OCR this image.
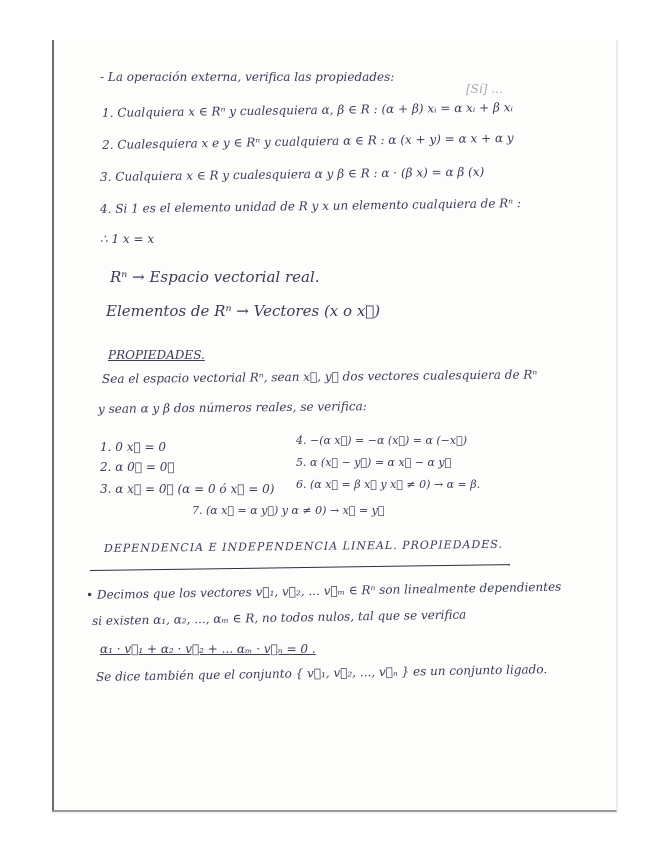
[Sí] ...
- La operación externa, verifica las propiedades:
1. Cualquiera x ∈ Rⁿ y cualesquiera α, β ∈ R : (α + β) xᵢ = α xᵢ + β xᵢ
2. Cualesquiera x e y ∈ Rⁿ y cualquiera α ∈ R : α (x + y) = α x + α y
3. Cualquiera x ∈ R y cualesquiera α y β ∈ R : α · (β x) = α β (x)
4. Si 1 es el elemento unidad de R y x un elemento cualquiera de Rⁿ :
∴ 1 x = x
Rⁿ → Espacio vectorial real.
Elementos de Rⁿ → Vectores (x o x⃗)
PROPIEDADES.
Sea el espacio vectorial Rⁿ, sean x⃗, y⃗ dos vectores cualesquiera de Rⁿ
y sean α y β dos números reales, se verifica:
1. 0 x⃗ = 0
2. α 0⃗ = 0⃗
3. α x⃗ = 0⃗ (α = 0 ó x⃗ = 0)
4. −(α x⃗) = −α (x⃗) = α (−x⃗)
5. α (x⃗ − y⃗) = α x⃗ − α y⃗
6. (α x⃗ = β x⃗ y x⃗ ≠ 0) → α = β.
7. (α x⃗ = α y⃗) y α ≠ 0) → x⃗ = y⃗
DEPENDENCIA E INDEPENDENCIA LINEAL. PROPIEDADES.
• Decimos que los vectores v⃗₁, v⃗₂, ... v⃗ₘ ∈ Rⁿ son linealmente dependientes
si existen α₁, α₂, ..., αₘ ∈ R, no todos nulos, tal que se verifica
α₁ · v⃗₁ + α₂ · v⃗₂ + ... αₘ · v⃗ₙ = 0 .
Se dice también que el conjunto { v⃗₁, v⃗₂, ..., v⃗ₙ } es un conjunto ligado.
